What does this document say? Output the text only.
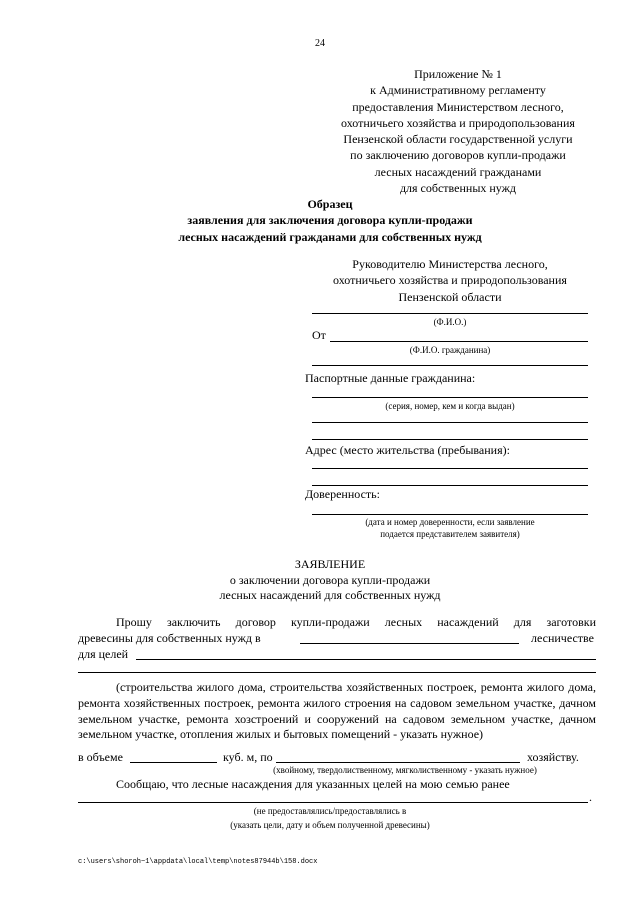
24
Приложение № 1
к Административному регламенту
предоставления Министерством лесного,
охотничьего хозяйства и природопользования
Пензенской области государственной услуги
по заключению договоров купли-продажи
лесных насаждений гражданами
для собственных нужд
Образец
заявления для заключения договора купли-продажи
лесных насаждений гражданами для собственных нужд
Руководителю Министерства лесного,
охотничьего хозяйства и природопользования
Пензенской области
(Ф.И.О.)
От
(Ф.И.О. гражданина)
Паспортные данные гражданина:
(серия, номер, кем и когда выдан)
Адрес (место жительства (пребывания):
Доверенность:
(дата и номер доверенности, если заявление
подается представителем заявителя)
ЗАЯВЛЕНИЕ
о заключении договора купли-продажи
лесных насаждений для собственных нужд
Прошу заключить договор купли-продажи лесных насаждений для заготовки
древесины для собственных нужд в	лесничестве
для целей
(строительства жилого дома, строительства хозяйственных построек, ремонта жилого дома, ремонта хозяйственных построек, ремонта жилого строения на садовом земельном участке, дачном земельном участке, ремонта хозстроений и сооружений на садовом земельном участке, дачном земельном участке, отопления жилых и бытовых помещений - указать нужное)
в объеме	куб. м, по	хозяйству.
(хвойному, твердолиственному, мягколиственному - указать нужное)
Сообщаю, что лесные насаждения для указанных целей на мою семью ранее
.
(не предоставлялись/предоставлялись в
(указать цели, дату и объем полученной древесины)
c:\users\shoroh~1\appdata\local\temp\notes87944b\158.docx
